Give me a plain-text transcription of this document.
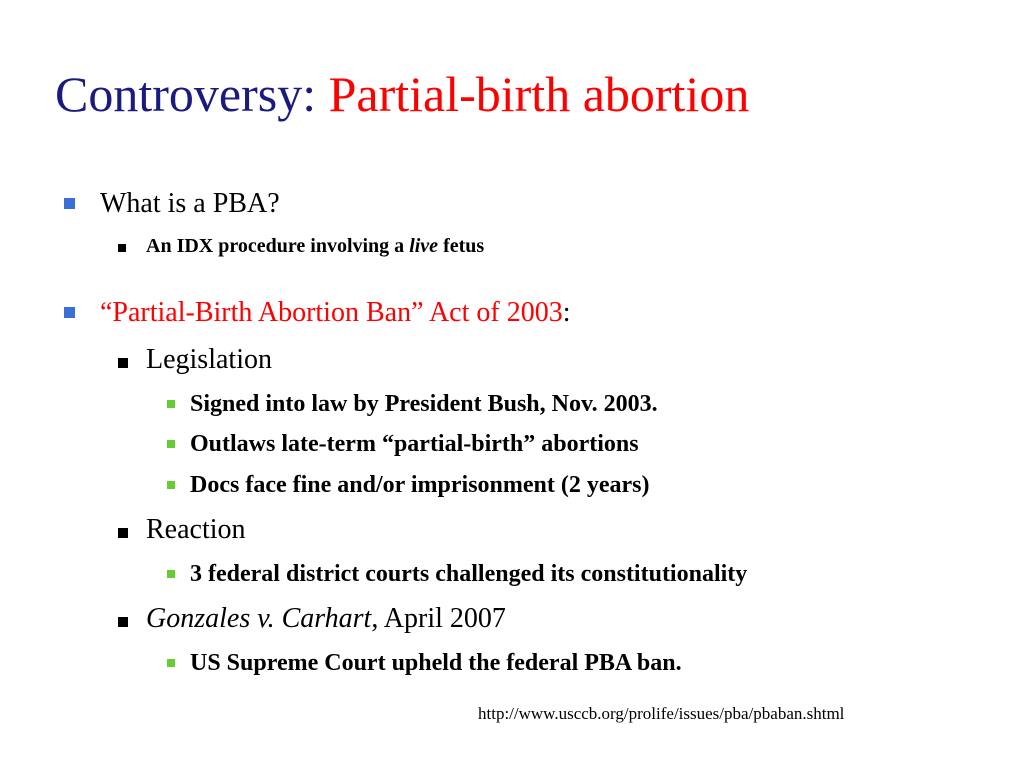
Controversy: Partial-birth abortion
What is a PBA?
An IDX procedure involving a live fetus
“Partial-Birth Abortion Ban” Act of 2003:
Legislation
Signed into law by President Bush, Nov. 2003.
Outlaws late-term “partial-birth” abortions
Docs face fine and/or imprisonment (2 years)
Reaction
3 federal district courts challenged its constitutionality
Gonzales v. Carhart, April 2007
US Supreme Court upheld the federal PBA ban.
http://www.usccb.org/prolife/issues/pba/pbaban.shtml
